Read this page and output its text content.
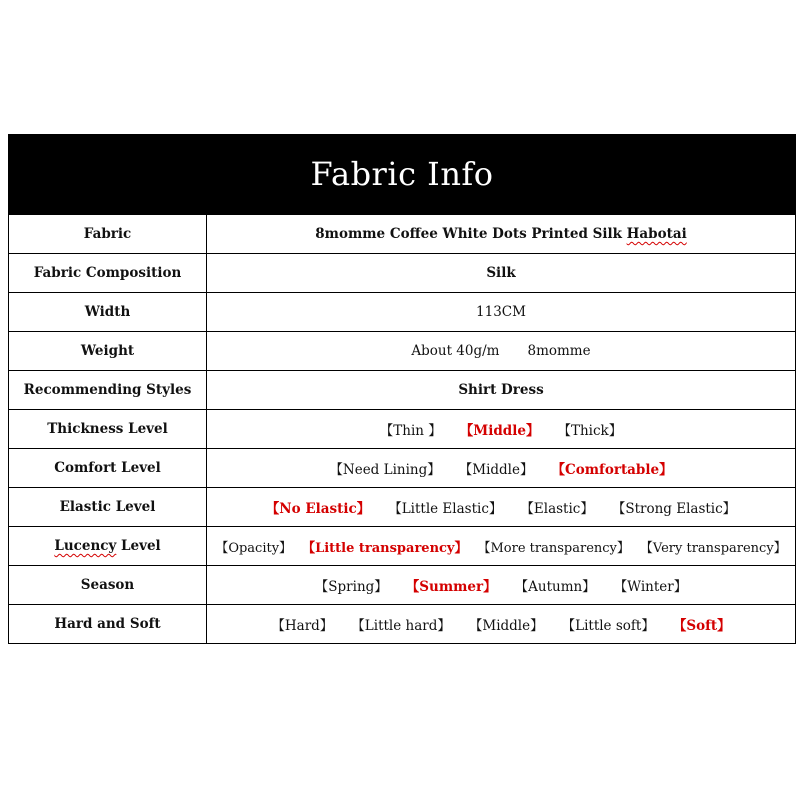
Fabric Info
Fabric	8momme Coffee White Dots Printed Silk Habotai
Fabric Composition	Silk
Width	113CM
Weight	About 40g/m 8momme
Recommending Styles	Shirt Dress
Thickness Level	【Thin 】 【Middle】 【Thick】
Comfort Level	【Need Lining】 【Middle】 【Comfortable】
Elastic Level	【No Elastic】 【Little Elastic】 【Elastic】 【Strong Elastic】
Lucency Level	【Opacity】 【Little transparency】 【More transparency】 【Very transparency】
Season	【Spring】 【Summer】 【Autumn】 【Winter】
Hard and Soft	【Hard】 【Little hard】 【Middle】 【Little soft】 【Soft】
